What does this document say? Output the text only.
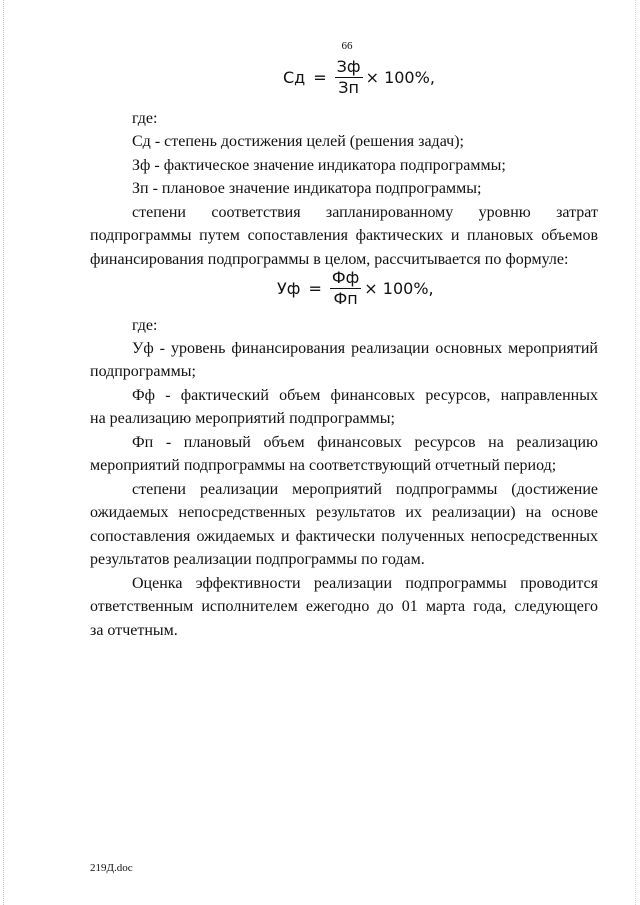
66
Сд = $\frac{Зф}{Зп} \times 100\%$,
где:
Сд - степень достижения целей (решения задач);
Зф - фактическое значение индикатора подпрограммы;
Зп - плановое значение индикатора подпрограммы;
степени соответствия запланированному уровню затрат
подпрограммы путем сопоставления фактических и плановых объемов
финансирования подпрограммы в целом, рассчитывается по формуле:
Уф = $\frac{Фф}{Фп} \times 100\%$,
где:
Уф - уровень финансирования реализации основных мероприятий
подпрограммы;
Фф - фактический объем финансовых ресурсов, направленных
на реализацию мероприятий подпрограммы;
Фп - плановый объем финансовых ресурсов на реализацию
мероприятий подпрограммы на соответствующий отчетный период;
степени реализации мероприятий подпрограммы (достижение
ожидаемых непосредственных результатов их реализации) на основе
сопоставления ожидаемых и фактически полученных непосредственных
результатов реализации подпрограммы по годам.
Оценка эффективности реализации подпрограммы проводится
ответственным исполнителем ежегодно до 01 марта года, следующего
за отчетным.
219Д.doc
